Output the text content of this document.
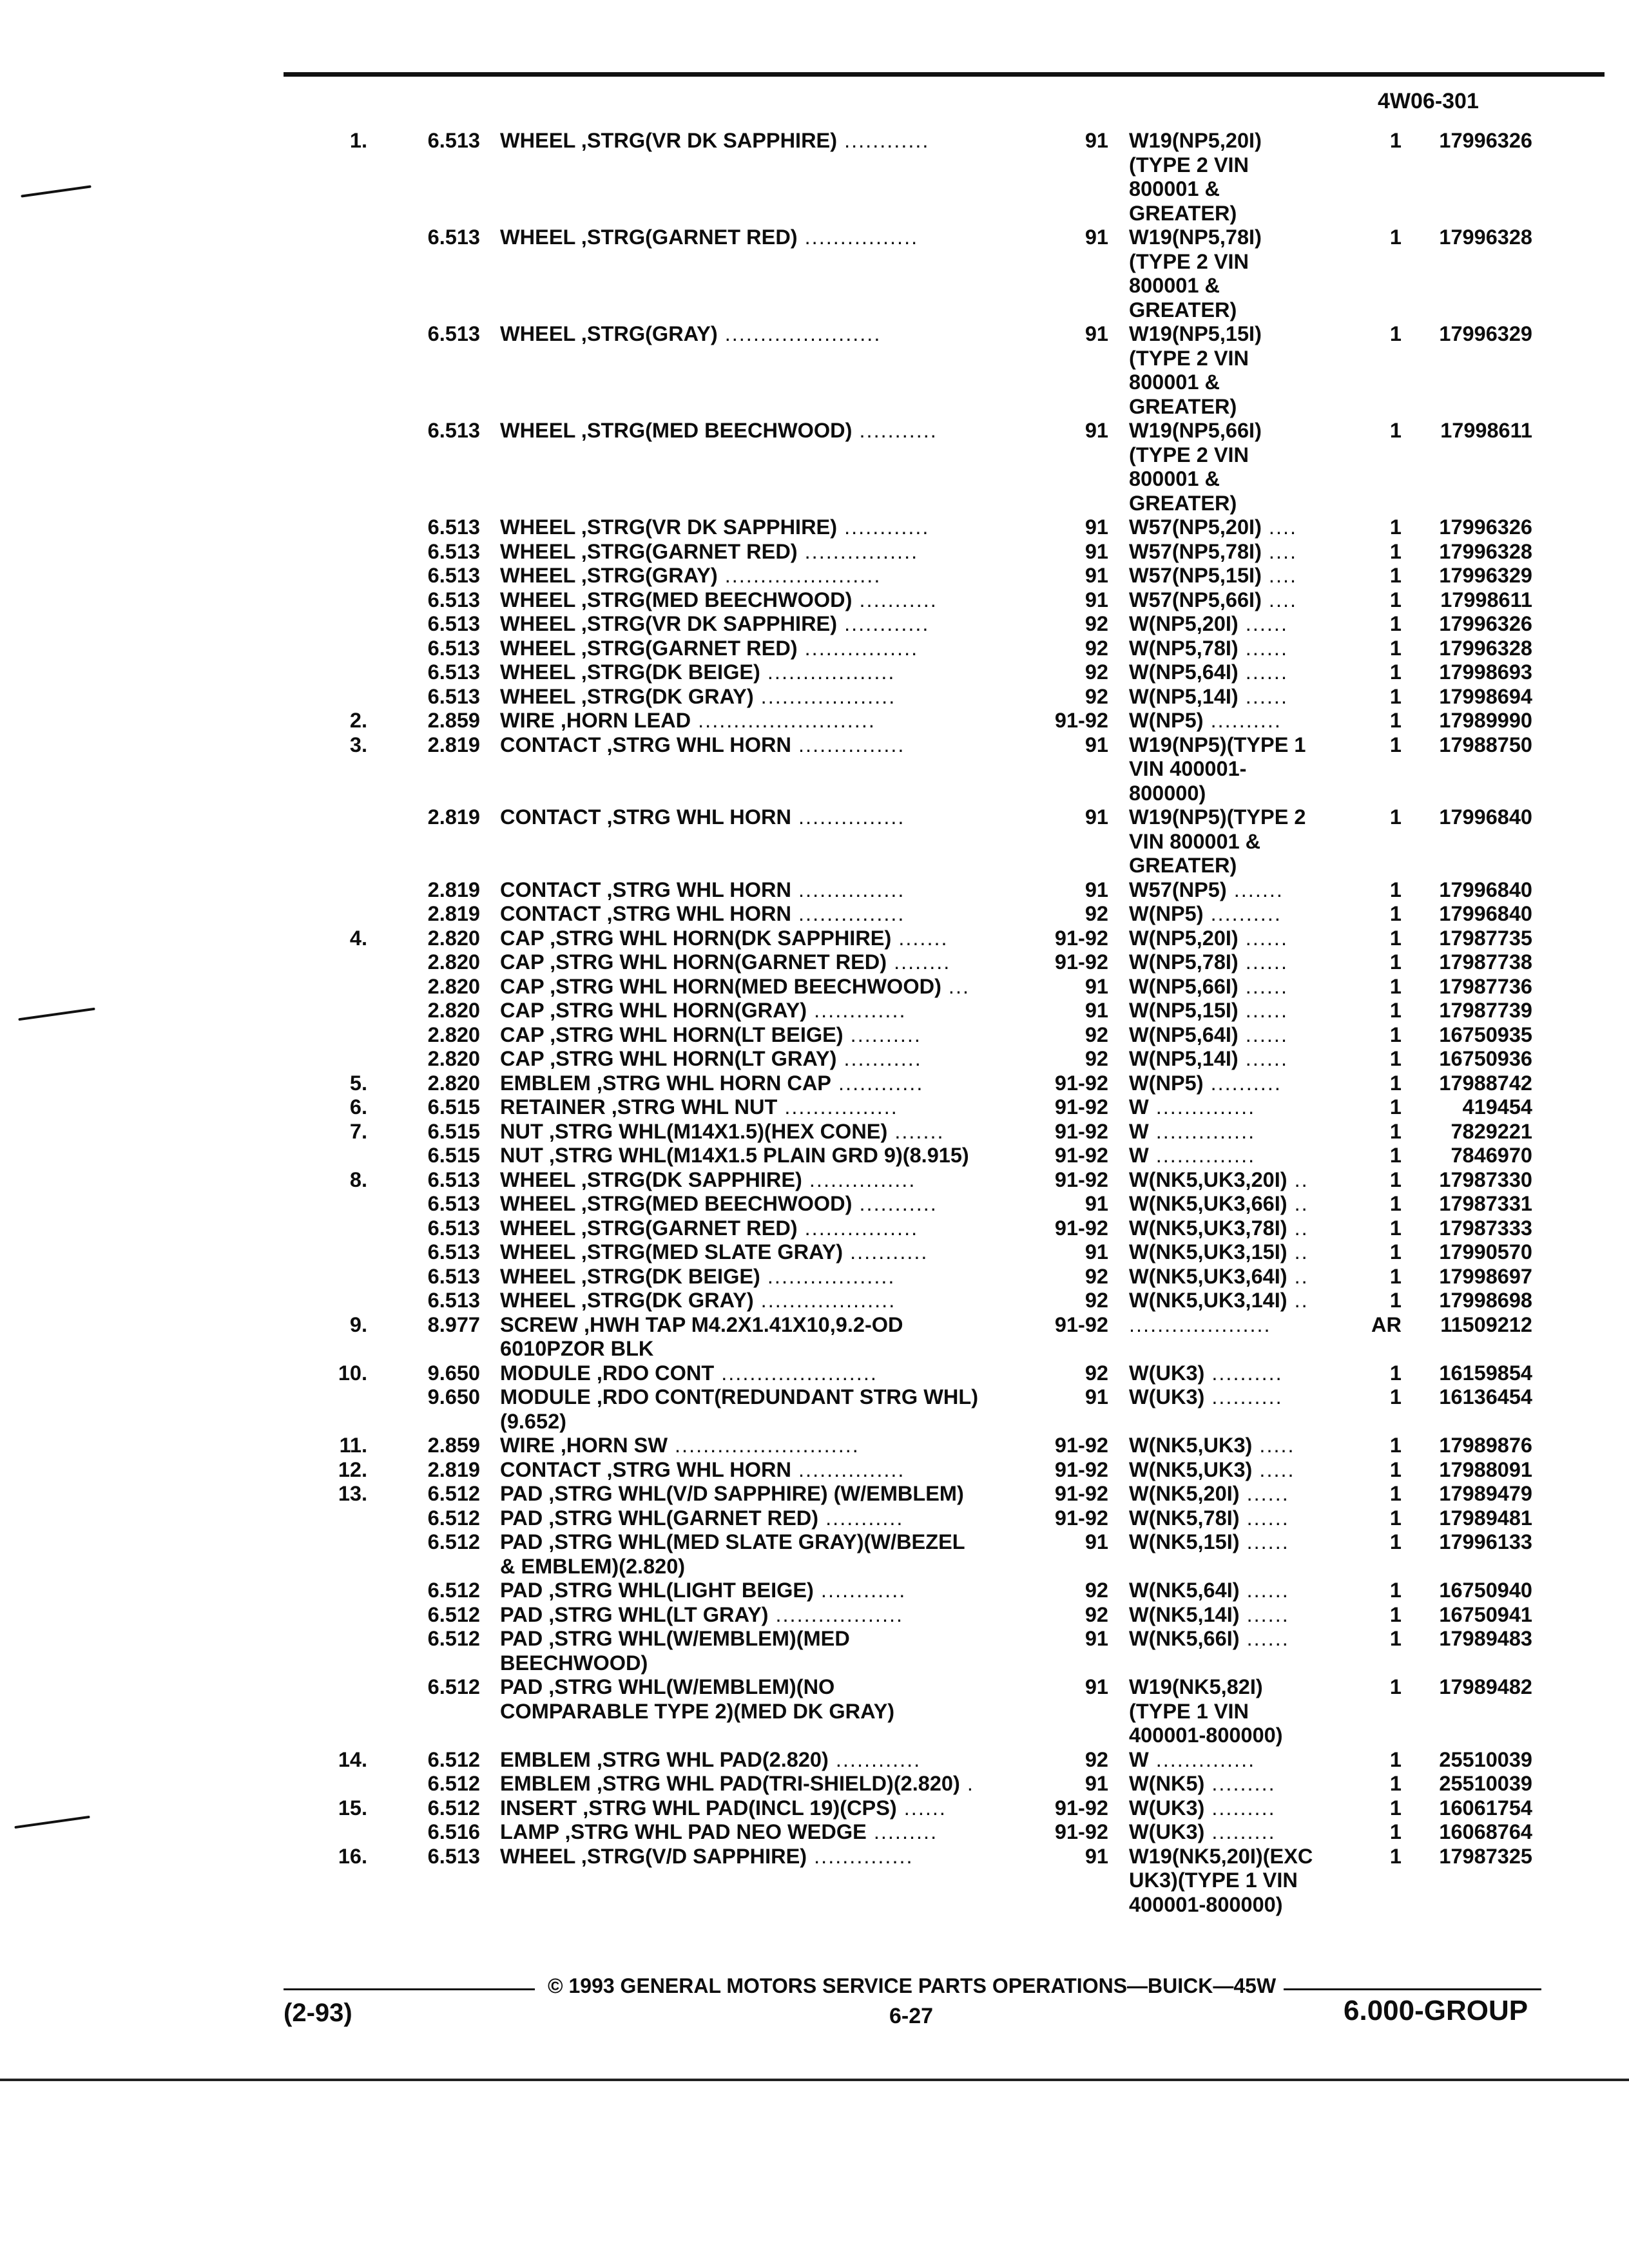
4W06-301
1.	6.513 WHEEL ,STRG(VR DK SAPPHIRE) ............	91 W19(NP5,20I)	1	17996326
(TYPE 2 VIN
800001 &
GREATER)
6.513 WHEEL ,STRG(GARNET RED) ................	91 W19(NP5,78I)	1	17996328
(TYPE 2 VIN
800001 &
GREATER)
6.513 WHEEL ,STRG(GRAY) ......................	91 W19(NP5,15I)	1	17996329
(TYPE 2 VIN
800001 &
GREATER)
6.513 WHEEL ,STRG(MED BEECHWOOD) ...........	91 W19(NP5,66I)	1	17998611
(TYPE 2 VIN
800001 &
GREATER)
6.513 WHEEL ,STRG(VR DK SAPPHIRE) ............	91 W57(NP5,20I) ....	1	17996326
6.513 WHEEL ,STRG(GARNET RED) ................	91 W57(NP5,78I) ....	1	17996328
6.513 WHEEL ,STRG(GRAY) ......................	91 W57(NP5,15I) ....	1	17996329
6.513 WHEEL ,STRG(MED BEECHWOOD) ...........	91 W57(NP5,66I) ....	1	17998611
6.513 WHEEL ,STRG(VR DK SAPPHIRE) ............	92 W(NP5,20I) ......	1	17996326
6.513 WHEEL ,STRG(GARNET RED) ................	92 W(NP5,78I) ......	1	17996328
6.513 WHEEL ,STRG(DK BEIGE) ..................	92 W(NP5,64I) ......	1	17998693
6.513 WHEEL ,STRG(DK GRAY) ...................	92 W(NP5,14I) ......	1	17998694
2.	2.859 WIRE ,HORN LEAD .........................	91-92 W(NP5) ..........	1	17989990
3.	2.819 CONTACT ,STRG WHL HORN ...............	91 W19(NP5)(TYPE 1	1	17988750
VIN 400001-
800000)
2.819 CONTACT ,STRG WHL HORN ...............	91 W19(NP5)(TYPE 2	1	17996840
VIN 800001 &
GREATER)
2.819 CONTACT ,STRG WHL HORN ...............	91 W57(NP5) .......	1	17996840
2.819 CONTACT ,STRG WHL HORN ...............	92 W(NP5) ..........	1	17996840
4.	2.820 CAP ,STRG WHL HORN(DK SAPPHIRE) .......	91-92 W(NP5,20I) ......	1	17987735
2.820 CAP ,STRG WHL HORN(GARNET RED) ........	91-92 W(NP5,78I) ......	1	17987738
2.820 CAP ,STRG WHL HORN(MED BEECHWOOD) ...	91 W(NP5,66I) ......	1	17987736
2.820 CAP ,STRG WHL HORN(GRAY) .............	91 W(NP5,15I) ......	1	17987739
2.820 CAP ,STRG WHL HORN(LT BEIGE) ..........	92 W(NP5,64I) ......	1	16750935
2.820 CAP ,STRG WHL HORN(LT GRAY) ...........	92 W(NP5,14I) ......	1	16750936
5.	2.820 EMBLEM ,STRG WHL HORN CAP ............	91-92 W(NP5) ..........	1	17988742
6.	6.515 RETAINER ,STRG WHL NUT ................	91-92 W ..............	1	419454
7.	6.515 NUT ,STRG WHL(M14X1.5)(HEX CONE) .......	91-92 W ..............	1	7829221
6.515 NUT ,STRG WHL(M14X1.5 PLAIN GRD 9)(8.915)	91-92 W ..............	1	7846970
8.	6.513 WHEEL ,STRG(DK SAPPHIRE) ...............	91-92 W(NK5,UK3,20I) ..	1	17987330
6.513 WHEEL ,STRG(MED BEECHWOOD) ...........	91 W(NK5,UK3,66I) ..	1	17987331
6.513 WHEEL ,STRG(GARNET RED) ................	91-92 W(NK5,UK3,78I) ..	1	17987333
6.513 WHEEL ,STRG(MED SLATE GRAY) ...........	91 W(NK5,UK3,15I) ..	1	17990570
6.513 WHEEL ,STRG(DK BEIGE) ..................	92 W(NK5,UK3,64I) ..	1	17998697
6.513 WHEEL ,STRG(DK GRAY) ...................	92 W(NK5,UK3,14I) ..	1	17998698
9.	8.977 SCREW ,HWH TAP M4.2X1.41X10,9.2-OD	91-92 ....................	AR	11509212
6010PZOR BLK
10.	9.650 MODULE ,RDO CONT ......................	92 W(UK3) ..........	1	16159854
9.650 MODULE ,RDO CONT(REDUNDANT STRG WHL)	91 W(UK3) ..........	1	16136454
(9.652)
11.	2.859 WIRE ,HORN SW ..........................	91-92 W(NK5,UK3) .....	1	17989876
12.	2.819 CONTACT ,STRG WHL HORN ...............	91-92 W(NK5,UK3) .....	1	17988091
13.	6.512 PAD ,STRG WHL(V/D SAPPHIRE) (W/EMBLEM)	91-92 W(NK5,20I) ......	1	17989479
6.512 PAD ,STRG WHL(GARNET RED) ...........	91-92 W(NK5,78I) ......	1	17989481
6.512 PAD ,STRG WHL(MED SLATE GRAY)(W/BEZEL	91 W(NK5,15I) ......	1	17996133
& EMBLEM)(2.820)
6.512 PAD ,STRG WHL(LIGHT BEIGE) ............	92 W(NK5,64I) ......	1	16750940
6.512 PAD ,STRG WHL(LT GRAY) ..................	92 W(NK5,14I) ......	1	16750941
6.512 PAD ,STRG WHL(W/EMBLEM)(MED	91 W(NK5,66I) ......	1	17989483
BEECHWOOD)
6.512 PAD ,STRG WHL(W/EMBLEM)(NO	91 W19(NK5,82I)	1	17989482
COMPARABLE TYPE 2)(MED DK GRAY)	(TYPE 1 VIN
400001-800000)
14.	6.512 EMBLEM ,STRG WHL PAD(2.820) ............	92 W ..............	1	25510039
6.512 EMBLEM ,STRG WHL PAD(TRI-SHIELD)(2.820) .	91 W(NK5) .........	1	25510039
15.	6.512 INSERT ,STRG WHL PAD(INCL 19)(CPS) ......	91-92 W(UK3) .........	1	16061754
6.516 LAMP ,STRG WHL PAD NEO WEDGE .........	91-92 W(UK3) .........	1	16068764
16.	6.513 WHEEL ,STRG(V/D SAPPHIRE) ..............	91 W19(NK5,20I)(EXC	1	17987325
UK3)(TYPE 1 VIN
400001-800000)
© 1993 GENERAL MOTORS SERVICE PARTS OPERATIONS—BUICK—45W
(2-93)	6-27	6.000-GROUP
